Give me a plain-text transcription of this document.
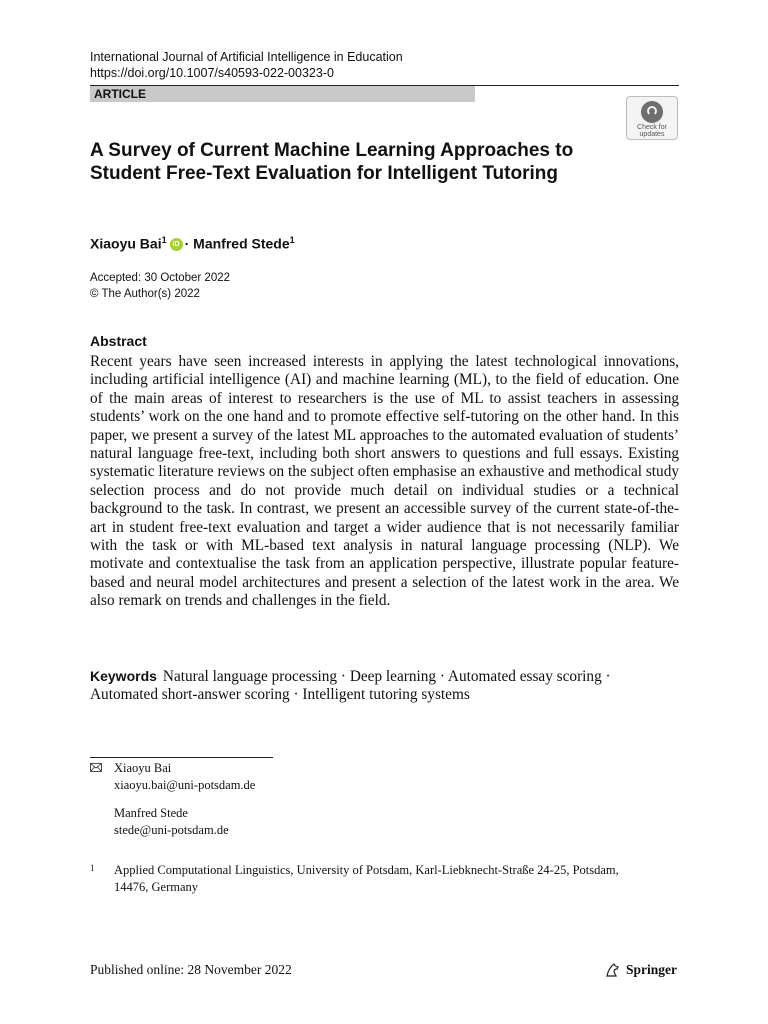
International Journal of Artificial Intelligence in Education
https://doi.org/10.1007/s40593-022-00323-0
ARTICLE
Check for updates
A Survey of Current Machine Learning Approaches to Student Free-Text Evaluation for Intelligent Tutoring
Xiaoyu Bai$^1$ iD · Manfred Stede$^1$
Accepted: 30 October 2022
© The Author(s) 2022
Abstract

Recent years have seen increased interests in applying the latest technological innovations, including artificial intelligence (AI) and machine learning (ML), to the field of education. One of the main areas of interest to researchers is the use of ML to assist teachers in assessing students’ work on the one hand and to promote effective self-tutoring on the other hand. In this paper, we present a survey of the latest ML approaches to the automated evaluation of students’ natural language free-text, including both short answers to questions and full essays. Existing systematic literature reviews on the subject often emphasise an exhaustive and methodical study selection process and do not provide much detail on individual studies or a technical background to the task. In contrast, we present an accessible survey of the current state-of-the-art in student free-text evaluation and target a wider audience that is not necessarily familiar with the task or with ML-based text analysis in natural language processing (NLP). We motivate and contextualise the task from an application perspective, illustrate popular feature-based and neural model architectures and present a selection of the latest work in the area. We also remark on trends and challenges in the field.

Keywords Natural language processing · Deep learning · Automated essay scoring · Automated short-answer scoring · Intelligent tutoring systems

Xiaoyu Bai
xiaoyu.bai@uni-potsdam.de
Manfred Stede
stede@uni-potsdam.de
1 Applied Computational Linguistics, University of Potsdam, Karl-Liebknecht-Straße 24-25, Potsdam, 14476, Germany
Published online: 28 November 2022	Springer
